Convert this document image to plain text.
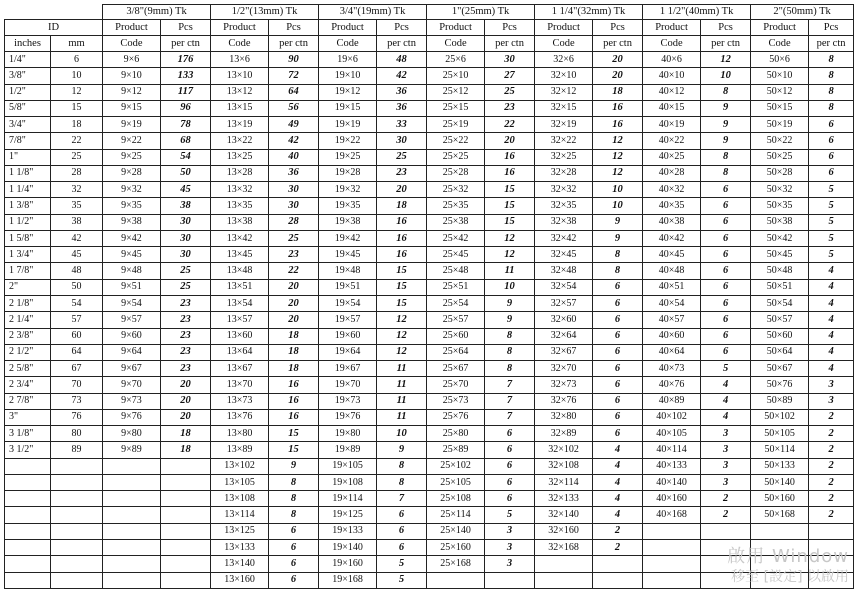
		3/8"(9mm) Tk		1/2"(13mm) Tk		3/4"(19mm) Tk		1"(25mm) Tk		1 1/4"(32mm) Tk		1 1/2"(40mm) Tk		2"(50mm) Tk	
ID		Product	Pcs	Product	Pcs	Product	Pcs	Product	Pcs	Product	Pcs	Product	Pcs	Product	Pcs
inches	mm	Code	per ctn	Code	per ctn	Code	per ctn	Code	per ctn	Code	per ctn	Code	per ctn	Code	per ctn
1/4"	6	9×6	176	13×6	90	19×6	48	25×6	30	32×6	20	40×6	12	50×6	8
3/8"	10	9×10	133	13×10	72	19×10	42	25×10	27	32×10	20	40×10	10	50×10	8
1/2"	12	9×12	117	13×12	64	19×12	36	25×12	25	32×12	18	40×12	8	50×12	8
5/8"	15	9×15	96	13×15	56	19×15	36	25×15	23	32×15	16	40×15	9	50×15	8
3/4"	18	9×19	78	13×19	49	19×19	33	25×19	22	32×19	16	40×19	9	50×19	6
7/8"	22	9×22	68	13×22	42	19×22	30	25×22	20	32×22	12	40×22	9	50×22	6
1"	25	9×25	54	13×25	40	19×25	25	25×25	16	32×25	12	40×25	8	50×25	6
1 1/8"	28	9×28	50	13×28	36	19×28	23	25×28	16	32×28	12	40×28	8	50×28	6
1 1/4"	32	9×32	45	13×32	30	19×32	20	25×32	15	32×32	10	40×32	6	50×32	5
1 3/8"	35	9×35	38	13×35	30	19×35	18	25×35	15	32×35	10	40×35	6	50×35	5
1 1/2"	38	9×38	30	13×38	28	19×38	16	25×38	15	32×38	9	40×38	6	50×38	5
1 5/8"	42	9×42	30	13×42	25	19×42	16	25×42	12	32×42	9	40×42	6	50×42	5
1 3/4"	45	9×45	30	13×45	23	19×45	16	25×45	12	32×45	8	40×45	6	50×45	5
1 7/8"	48	9×48	25	13×48	22	19×48	15	25×48	11	32×48	8	40×48	6	50×48	4
2"	50	9×51	25	13×51	20	19×51	15	25×51	10	32×54	6	40×51	6	50×51	4
2 1/8"	54	9×54	23	13×54	20	19×54	15	25×54	9	32×57	6	40×54	6	50×54	4
2 1/4"	57	9×57	23	13×57	20	19×57	12	25×57	9	32×60	6	40×57	6	50×57	4
2 3/8"	60	9×60	23	13×60	18	19×60	12	25×60	8	32×64	6	40×60	6	50×60	4
2 1/2"	64	9×64	23	13×64	18	19×64	12	25×64	8	32×67	6	40×64	6	50×64	4
2 5/8"	67	9×67	23	13×67	18	19×67	11	25×67	8	32×70	6	40×73	5	50×67	4
2 3/4"	70	9×70	20	13×70	16	19×70	11	25×70	7	32×73	6	40×76	4	50×76	3
2 7/8"	73	9×73	20	13×73	16	19×73	11	25×73	7	32×76	6	40×89	4	50×89	3
3"	76	9×76	20	13×76	16	19×76	11	25×76	7	32×80	6	40×102	4	50×102	2
3 1/8"	80	9×80	18	13×80	15	19×80	10	25×80	6	32×89	6	40×105	3	50×105	2
3 1/2"	89	9×89	18	13×89	15	19×89	9	25×89	6	32×102	4	40×114	3	50×114	2
				13×102	9	19×105	8	25×102	6	32×108	4	40×133	3	50×133	2
				13×105	8	19×108	8	25×105	6	32×114	4	40×140	3	50×140	2
				13×108	8	19×114	7	25×108	6	32×133	4	40×160	2	50×160	2
				13×114	8	19×125	6	25×114	5	32×140	4	40×168	2	50×168	2
				13×125	6	19×133	6	25×140	3	32×160	2				
				13×133	6	19×140	6	25×160	3	32×168	2				
				13×140	6	19×160	5	25×168	3						
				13×160	6	19×168	5								
啟用 Window
移至 [設定] 以啟用
